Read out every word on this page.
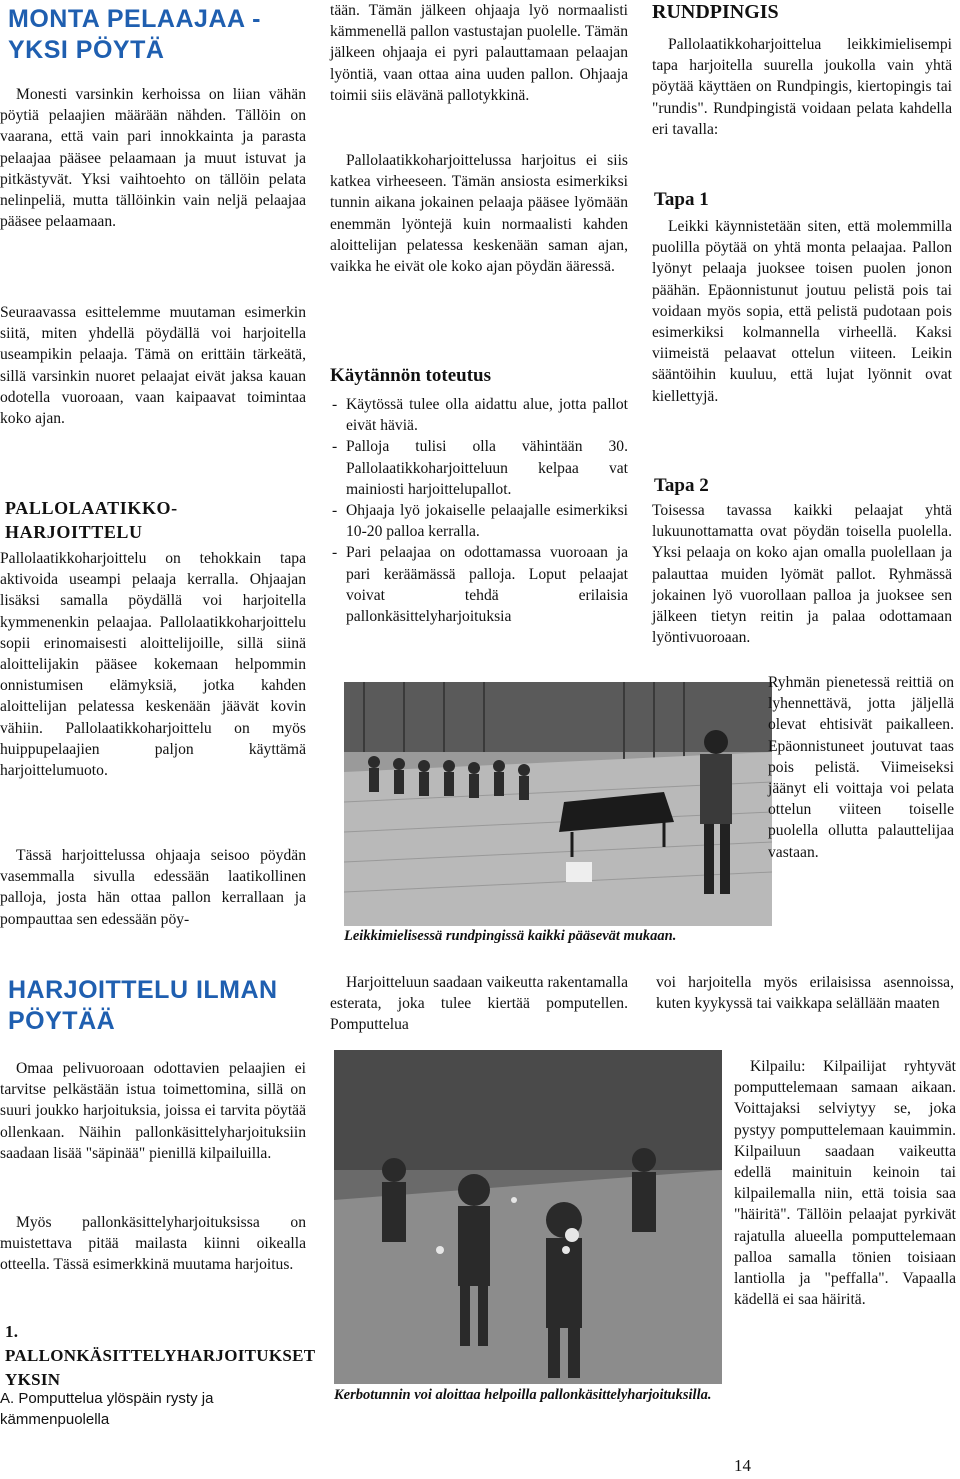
MONTA PELAAJAA - YKSI PÖYTÄ

Monesti varsinkin kerhoissa on liian vähän pöytiä pelaajien määrään nähden. Tällöin on vaarana, että vain pari innokkainta ja parasta pelaajaa pääsee pelaamaan ja muut istuvat ja pitkästyvät. Yksi vaihtoehto on tällöin pelata nelinpeliä, mutta tällöinkin vain neljä pelaajaa pääsee pelaamaan.

Seuraavassa esittelemme muutaman esimerkin siitä, miten yhdellä pöydällä voi harjoitella useampikin pelaaja. Tämä on erittäin tärkeätä, sillä varsinkin nuoret pelaajat eivät jaksa kauan odotella vuoroaan, vaan kaipaavat toimintaa koko ajan.

PALLOLAATIKKO-HARJOITTELU

Pallolaatikkoharjoittelu on tehokkain tapa aktivoida useampi pelaaja kerralla. Ohjaajan lisäksi samalla pöydällä voi harjoitella kymmenenkin pelaajaa. Pallolaatikkoharjoittelu sopii erinomaisesti aloittelijoille, sillä siinä aloittelijakin pääsee kokemaan helpommin onnistumisen elämyksiä, jotka kahden aloittelijan pelatessa keskenään jäävät kovin vähiin. Pallolaatikkoharjoittelu on myös huippupelaajien paljon käyttämä harjoittelumuoto.

Tässä harjoittelussa ohjaaja seisoo pöydän vasemmalla sivulla edessään laatikollinen palloja, josta hän ottaa pallon kerrallaan ja pompauttaa sen edessään pöy-

HARJOITTELU ILMAN PÖYTÄÄ

Omaa pelivuoroaan odottavien pelaajien ei tarvitse pelkästään istua toimettomina, sillä on suuri joukko harjoituksia, joissa ei tarvita pöytää ollenkaan. Näihin pallonkäsittelyharjoituksiin saadaan lisää "säpinää" pienillä kilpailuilla.

Myös pallonkäsittelyharjoituksissa on muistettava pitää mailasta kiinni oikealla otteella. Tässä esimerkkinä muutama harjoitus.

1. PALLONKÄSITTELYHARJOITUKSET YKSIN

A. Pomputtelua ylöspäin rysty ja kämmenpuolella

tään. Tämän jälkeen ohjaaja lyö normaalisti kämmenellä pallon vastustajan puolelle. Tämän jälkeen ohjaaja ei pyri palauttamaan pelaajan lyöntiä, vaan ottaa aina uuden pallon. Ohjaaja toimii siis elävänä pallotykkinä.

Pallolaatikkoharjoittelussa harjoitus ei siis katkea virheeseen. Tämän ansiosta esimerkiksi tunnin aikana jokainen pelaaja pääsee lyömään enemmän lyöntejä kuin normaalisti kahden aloittelijan pelatessa keskenään saman ajan, vaikka he eivät ole koko ajan pöydän ääressä.

Käytännön toteutus
- Käytössä tulee olla aidattu alue, jotta pallot eivät häviä.
- Palloja tulisi olla vähintään 30. Pallolaatikkoharjoitteluun kelpaa vat mainiosti harjoittelupallot.
- Ohjaaja lyö jokaiselle pelaajalle esimerkiksi 10-20 palloa kerralla.
- Pari pelaajaa on odottamassa vuoroaan ja pari keräämässä palloja. Loput pelaajat voivat tehdä erilaisia pallonkäsittelyharjoituksia

Leikkimielisessä rundpingissä kaikki pääsevät mukaan.

Harjoitteluun saadaan vaikeutta rakentamalla esterata, joka tulee kiertää pomputellen. Pomputtelua

Kerbotunnin voi aloittaa helpoilla pallonkäsittelyharjoituksilla.

RUNDPINGIS

Pallolaatikkoharjoittelua leikkimielisempi tapa harjoitella suurella joukolla vain yhtä pöytää käyttäen on Rundpingis, kiertopingis tai "rundis". Rundpingistä voidaan pelata kahdella eri tavalla:

Tapa 1

Leikki käynnistetään siten, että molemmilla puolilla pöytää on yhtä monta pelaajaa. Pallon lyönyt pelaaja juoksee toisen puolen jonon päähän. Epäonnistunut joutuu pelistä pois tai voidaan myös sopia, että pelistä pudotaan pois esimerkiksi kolmannella virheellä. Kaksi viimeistä pelaavat ottelun viiteen. Leikin sääntöihin kuuluu, että lujat lyönnit ovat kiellettyjä.

Tapa 2

Toisessa tavassa kaikki pelaajat yhtä lukuunottamatta ovat pöydän toisella puolella. Yksi pelaaja on koko ajan omalla puolellaan ja palauttaa muiden lyömät pallot. Ryhmässä jokainen lyö vuorollaan palloa ja juoksee sen jälkeen tietyn reitin ja palaa odottamaan lyöntivuoroaan.

Ryhmän pienetessä reittiä on lyhennettävä, jotta jäljellä olevat ehtisivät paikalleen. Epäonnistuneet joutuvat taas pois pelistä. Viimeiseksi jäänyt eli voittaja voi pelata ottelun viiteen toiselle puolella ollutta palauttelijaa vastaan.

voi harjoitella myös erilaisissa asennoissa, kuten kyykyssä tai vaikkapa selällään maaten

Kilpailu: Kilpailijat ryhtyvät pomputtelemaan samaan aikaan. Voittajaksi selviytyy se, joka pystyy pomputtelemaan kauimmin. Kilpailuun saadaan vaikeutta edellä mainituin keinoin tai kilpailemalla niin, että toisia saa "häiritä". Tällöin pelaajat pyrkivät rajatulla alueella pomputtelemaan palloa samalla tönien toisiaan lantiolla ja "peffalla". Vapaalla kädellä ei saa häiritä.

14
